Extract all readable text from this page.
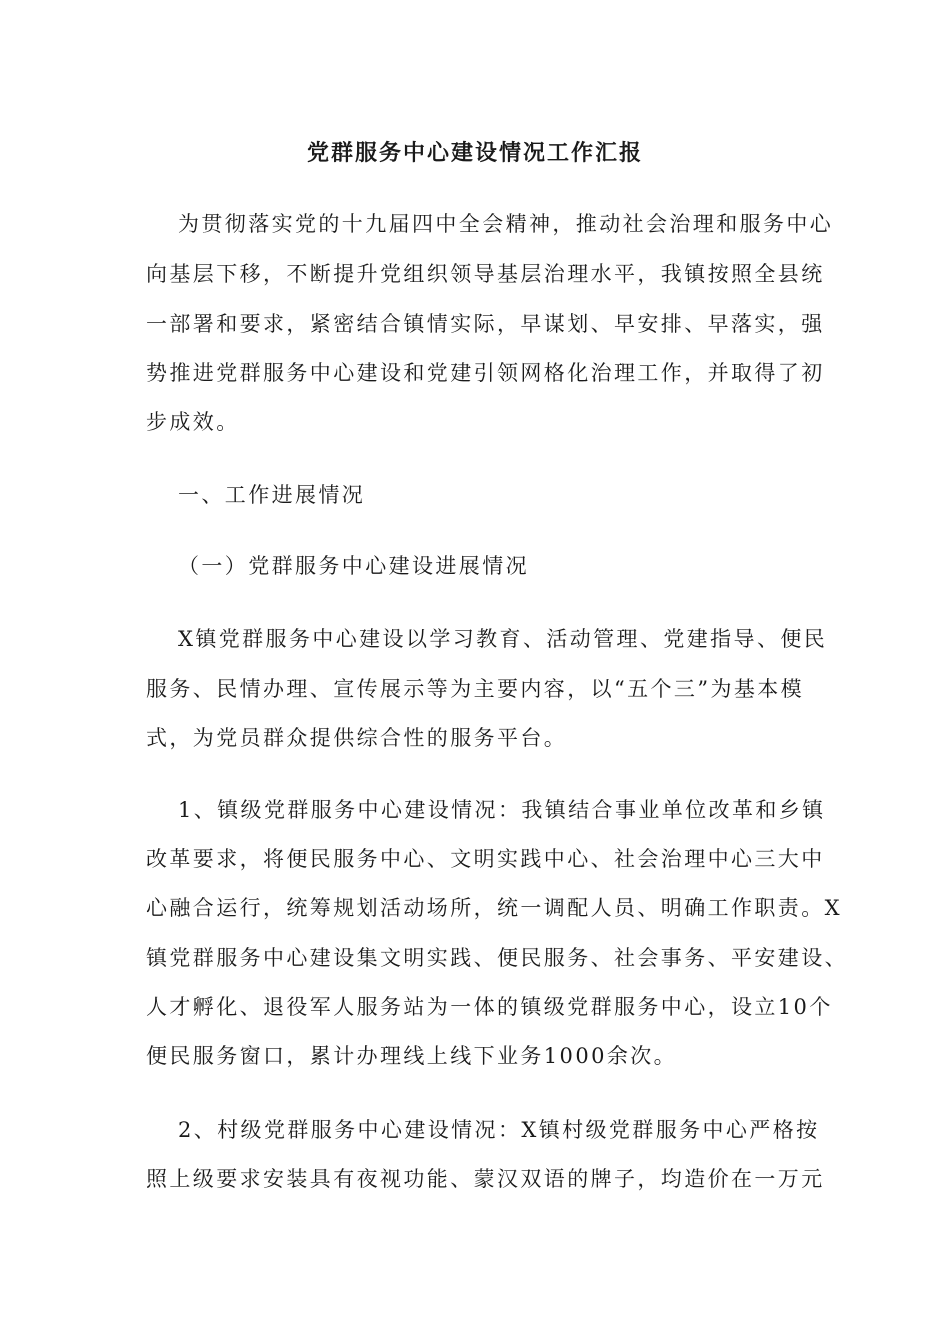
党群服务中心建设情况工作汇报
为贯彻落实党的十九届四中全会精神，推动社会治理和服务中心
向基层下移，不断提升党组织领导基层治理水平，我镇按照全县统
一部署和要求，紧密结合镇情实际，早谋划、早安排、早落实，强
势推进党群服务中心建设和党建引领网格化治理工作，并取得了初
步成效。
一、工作进展情况
（一）党群服务中心建设进展情况
X镇党群服务中心建设以学习教育、活动管理、党建指导、便民
服务、民情办理、宣传展示等为主要内容，以“五个三”为基本模
式，为党员群众提供综合性的服务平台。
1、镇级党群服务中心建设情况：我镇结合事业单位改革和乡镇
改革要求，将便民服务中心、文明实践中心、社会治理中心三大中
心融合运行，统筹规划活动场所，统一调配人员、明确工作职责。X
镇党群服务中心建设集文明实践、便民服务、社会事务、平安建设、
人才孵化、退役军人服务站为一体的镇级党群服务中心，设立10个
便民服务窗口，累计办理线上线下业务1000余次。
2、村级党群服务中心建设情况：X镇村级党群服务中心严格按
照上级要求安装具有夜视功能、蒙汉双语的牌子，均造价在一万元
